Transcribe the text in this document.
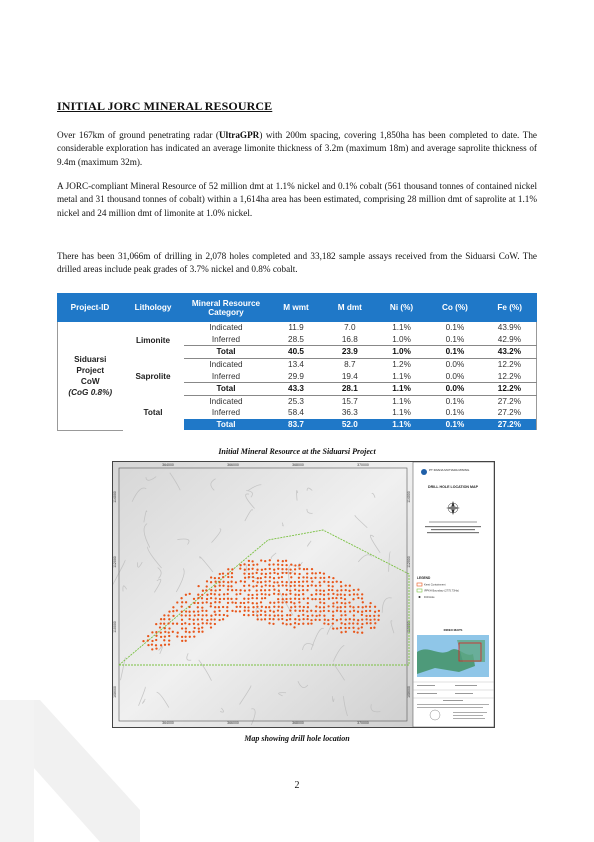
INITIAL JORC MINERAL RESOURCE
Over 167km of ground penetrating radar (UltraGPR) with 200m spacing, covering 1,850ha has been completed to date. The considerable exploration has indicated an average limonite thickness of 3.2m (maximum 18m) and average saprolite thickness of 9.4m (maximum 32m).
A JORC-compliant Mineral Resource of 52 million dmt at 1.1% nickel and 0.1% cobalt (561 thousand tonnes of contained nickel metal and 31 thousand tonnes of cobalt) within a 1,614ha area has been estimated, comprising 28 million dmt of saprolite at 1.1% nickel and 24 million dmt of limonite at 1.0% nickel.
There has been 31,066m of drilling in 2,078 holes completed and 33,182 sample assays received from the Siduarsi CoW. The drilled areas include peak grades of 3.7% nickel and 0.8% cobalt.
Project-ID	Lithology	Mineral Resource Category	M wmt	M dmt	Ni (%)	Co (%)	Fe (%)

Siduarsi
Project
CoW
(CoG 0.8%)	Limonite	Indicated	11.9	7.0	1.1%	0.1%	43.9%
		Inferred	28.5	16.8	1.0%	0.1%	42.9%
		Total	40.5	23.9	1.0%	0.1%	43.2%
	Saprolite	Indicated	13.4	8.7	1.2%	0.0%	12.2%
		Inferred	29.9	19.4	1.1%	0.0%	12.2%
		Total	43.3	28.1	1.1%	0.0%	12.2%
	Total	Indicated	25.3	15.7	1.1%	0.1%	27.2%
		Inferred	58.4	36.3	1.1%	0.1%	27.2%
		Total	83.7	52.0	1.1%	0.1%	27.2%
Initial Mineral Resource at the Siduarsi Project
364000
364000
366000
366000
368000
368000
370000
370000
114000	114000
112000	112000
110000	110000
108000	108000
PT IRIANA MUTIARA MINING
DRILL HOLE LOCATION MAP
LEGEND
Kerst Containment
IPPKH Boundary (2775.73Ha)
Drill Hole
INDEX MAPS
Map showing drill hole location
2
